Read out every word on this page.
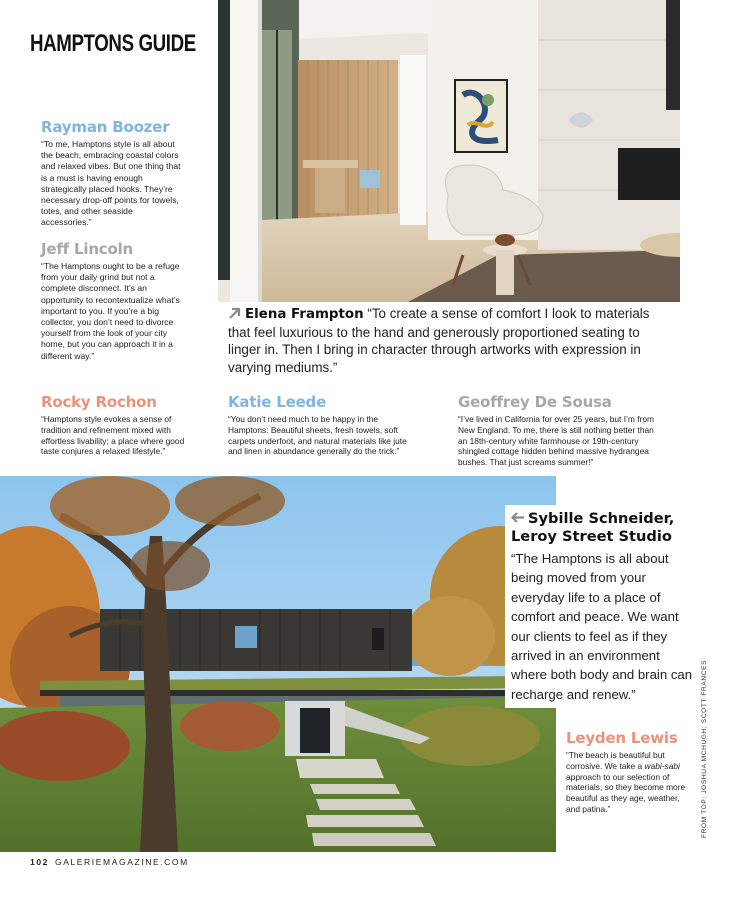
HAMPTONS GUIDE
Rayman Boozer
“To me, Hamptons style is all about the beach, embracing coastal colors and relaxed vibes. But one thing that is a must is having enough strategically placed hooks. They’re necessary drop-off points for towels, totes, and other seaside accessories.”
Jeff Lincoln
“The Hamptons ought to be a refuge from your daily grind but not a complete disconnect. It’s an opportunity to recontextualize what’s important to you. If you’re a big collector, you don’t need to divorce yourself from the look of your city home, but you can approach it in a different way.”
Elena Frampton “To create a sense of comfort I look to materials that feel luxurious to the hand and generously proportioned seating to linger in. Then I bring in character through artworks with expression in varying mediums.”
Rocky Rochon
“Hamptons style evokes a sense of tradition and refinement mixed with effortless livability; a place where good taste conjures a relaxed lifestyle.”
Katie Leede
“You don’t need much to be happy in the Hamptons: Beautiful sheets, fresh towels, soft carpets underfoot, and natural materials like jute and linen in abundance generally do the trick.”
Geoffrey De Sousa
“I’ve lived in California for over 25 years, but I’m from New England. To me, there is still nothing better than an 18th-century white farmhouse or 19th-century shingled cottage hidden behind massive hydrangea bushes. That just screams summer!”
Sybille Schneider,
Leroy Street Studio
“The Hamptons is all about being moved from your everyday life to a place of comfort and peace. We want our clients to feel as if they arrived in an environment where both body and brain can recharge and renew.”
Leyden Lewis
“The beach is beautiful but corrosive. We take a wabi-sabi approach to our selection of materials, so they become more beautiful as they age, weather, and patina.”	FROM TOP: JOSHUA MCHUGH; SCOTT FRANCES
102 GALERIEMAGAZINE.COM
